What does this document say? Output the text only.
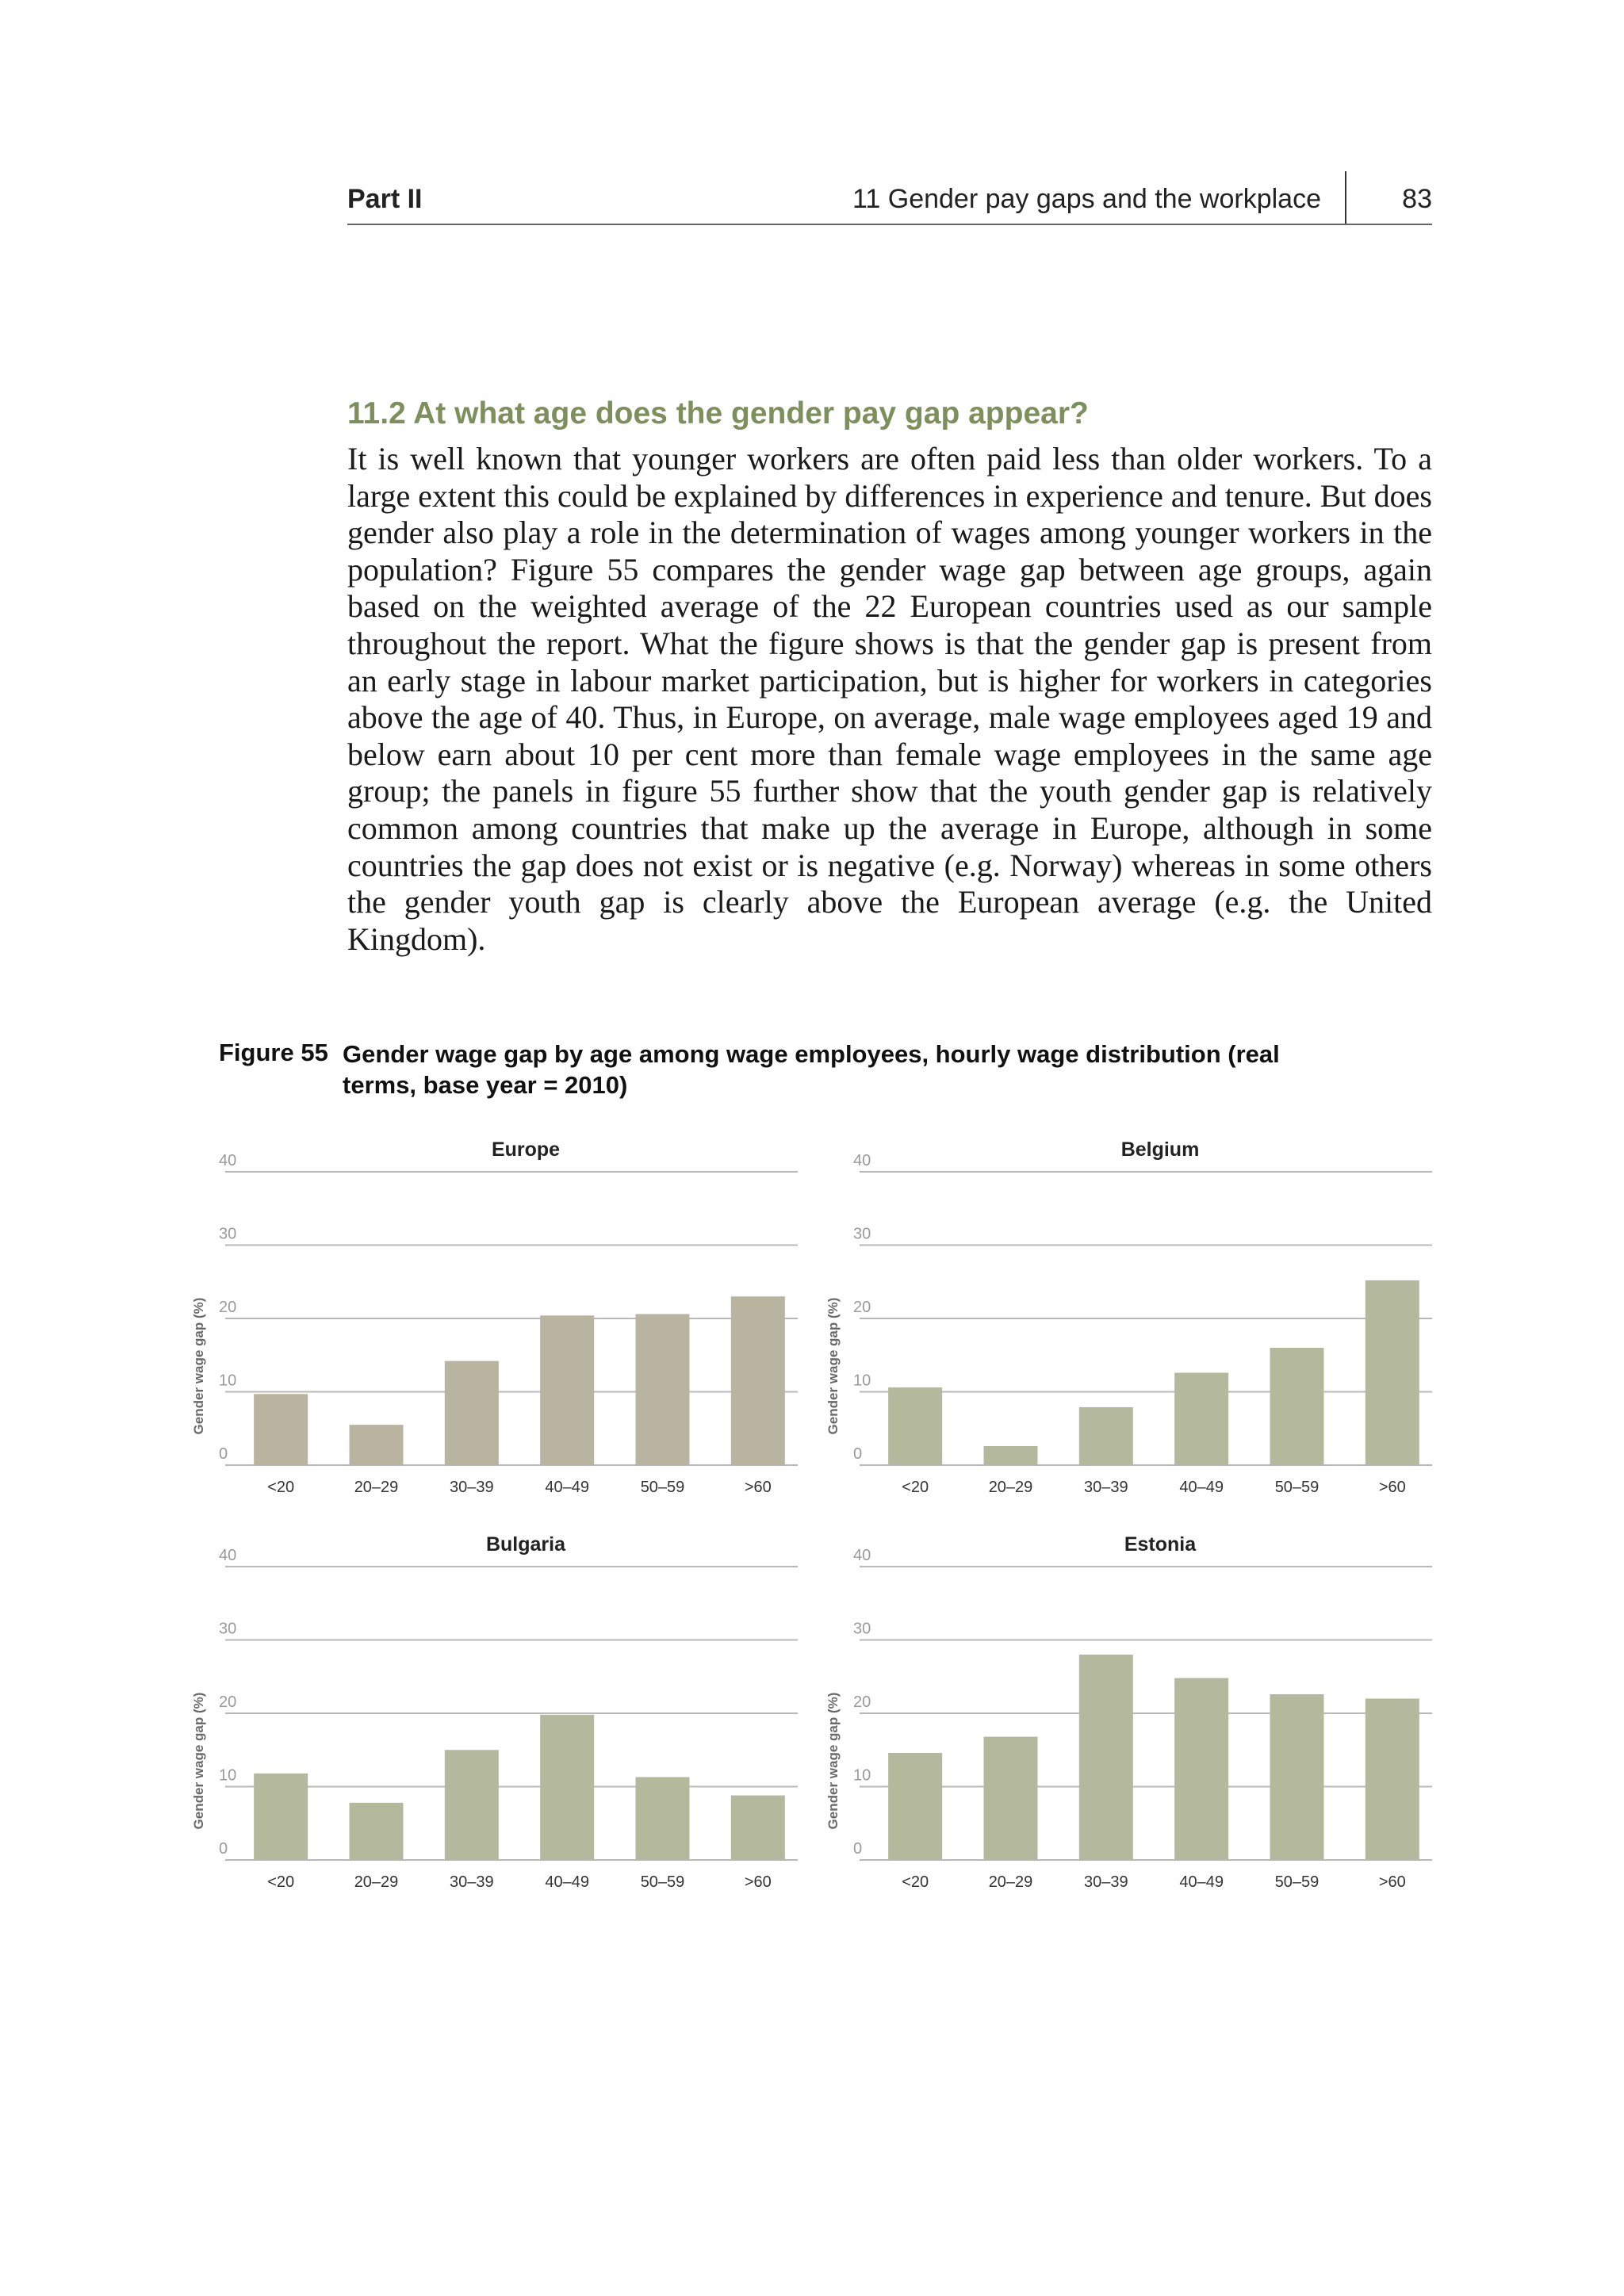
Part II	11 Gender pay gaps and the workplace	83
11.2 At what age does the gender pay gap appear?

It is well known that younger workers are often paid less than older workers. To a large extent this could be explained by differences in experience and tenure. But does gender also play a role in the determination of wages among younger workers in the population? Figure 55 compares the gender wage gap between age groups, again based on the weighted average of the 22 European countries used as our sample throughout the report. What the figure shows is that the gender gap is present from an early stage in labour market participation, but is higher for workers in categories above the age of 40. Thus, in Europe, on average, male wage employees aged 19 and below earn about 10 per cent more than female wage employees in the same age group; the panels in figure 55 further show that the youth gender gap is relatively common among countries that make up the average in Europe, although in some countries the gap does not exist or is negative (e.g. Norway) whereas in some others the gender youth gap is clearly above the European average (e.g. the United Kingdom).

Figure 55 Gender wage gap by age among wage employees, hourly wage distribution (real terms, base year = 2010)
0
10
20
30
40	Europe
Gender wage gap (%)
<20	20–29	30–39	40–49	50–59	>60
0
10
20
30
40	Belgium
Gender wage gap (%)
<20	20–29	30–39	40–49	50–59	>60
0
10
20
30
40	Bulgaria
Gender wage gap (%)
<20	20–29	30–39	40–49	50–59	>60
0
10
20
30
40	Estonia
Gender wage gap (%)
<20	20–29	30–39	40–49	50–59	>60
